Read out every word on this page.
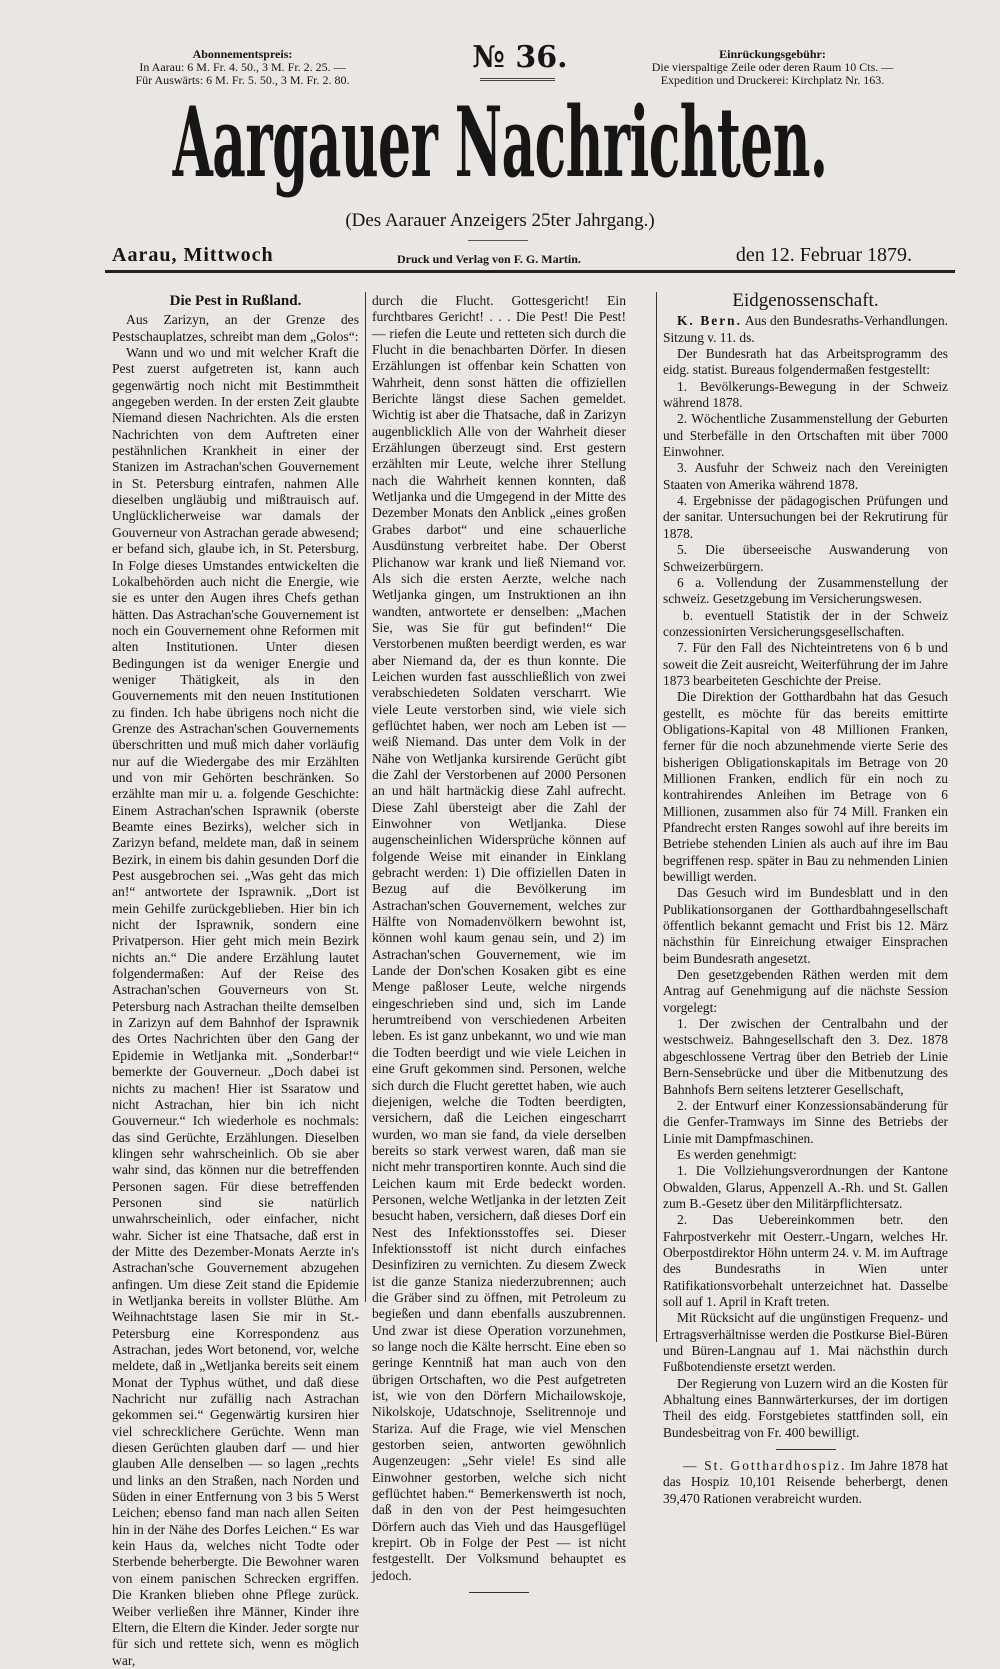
Abonnementspreis:
In Aarau: 6 M. Fr. 4. 50., 3 M. Fr. 2. 25. —
Für Auswärts: 6 M. Fr. 5. 50., 3 M. Fr. 2. 80.
№ 36.	Einrückungsgebühr:
Die vierspaltige Zeile oder deren Raum 10 Cts. —
Expedition und Druckerei: Kirchplatz Nr. 163.
Aargauer Nachrichten.
(Des Aarauer Anzeigers 25ter Jahrgang.)
Aarau, Mittwoch	Druck und Verlag von F. G. Martin.	den 12. Februar 1879.
Die Pest in Rußland.

Aus Zarizyn, an der Grenze des Pestschauplatzes, schreibt man dem „Golos“:

Wann und wo und mit welcher Kraft die Pest zuerst aufgetreten ist, kann auch gegenwärtig noch nicht mit Bestimmtheit angegeben werden. In der ersten Zeit glaubte Niemand diesen Nachrichten. Als die ersten Nachrichten von dem Auftreten einer pestähnlichen Krankheit in einer der Stanizen im Astrachan'schen Gouvernement in St. Petersburg eintrafen, nahmen Alle dieselben ungläubig und mißtrauisch auf. Unglücklicherweise war damals der Gouverneur von Astrachan gerade abwesend; er befand sich, glaube ich, in St. Petersburg. In Folge dieses Umstandes entwickelten die Lokalbehörden auch nicht die Energie, wie sie es unter den Augen ihres Chefs gethan hätten. Das Astrachan'sche Gouvernement ist noch ein Gouvernement ohne Reformen mit alten Institutionen. Unter diesen Bedingungen ist da weniger Energie und weniger Thätigkeit, als in den Gouvernements mit den neuen Institutionen zu finden. Ich habe übrigens noch nicht die Grenze des Astrachan'schen Gouvernements überschritten und muß mich daher vorläufig nur auf die Wiedergabe des mir Erzählten und von mir Gehörten beschränken. So erzählte man mir u. a. folgende Geschichte: Einem Astrachan'schen Isprawnik (oberste Beamte eines Bezirks), welcher sich in Zarizyn befand, meldete man, daß in seinem Bezirk, in einem bis dahin gesunden Dorf die Pest ausgebrochen sei. „Was geht das mich an!“ antwortete der Isprawnik. „Dort ist mein Gehilfe zurückgeblieben. Hier bin ich nicht der Isprawnik, sondern eine Privatperson. Hier geht mich mein Bezirk nichts an.“ Die andere Erzählung lautet folgendermaßen: Auf der Reise des Astrachan'schen Gouverneurs von St. Petersburg nach Astrachan theilte demselben in Zarizyn auf dem Bahnhof der Isprawnik des Ortes Nachrichten über den Gang der Epidemie in Wetljanka mit. „Sonderbar!“ bemerkte der Gouverneur. „Doch dabei ist nichts zu machen! Hier ist Ssaratow und nicht Astrachan, hier bin ich nicht Gouverneur.“ Ich wiederhole es nochmals: das sind Gerüchte, Erzählungen. Dieselben klingen sehr wahrscheinlich. Ob sie aber wahr sind, das können nur die betreffenden Personen sagen. Für diese betreffenden Personen sind sie natürlich unwahrscheinlich, oder einfacher, nicht wahr. Sicher ist eine Thatsache, daß erst in der Mitte des Dezember-Monats Aerzte in's Astrachan'sche Gouvernement abzugehen anfingen. Um diese Zeit stand die Epidemie in Wetljanka bereits in vollster Blüthe. Am Weihnachtstage lasen Sie mir in St.-Petersburg eine Korrespondenz aus Astrachan, jedes Wort betonend, vor, welche meldete, daß in „Wetljanka bereits seit einem Monat der Typhus wüthet, und daß diese Nachricht nur zufällig nach Astrachan gekommen sei.“ Gegenwärtig kursiren hier viel schrecklichere Gerüchte. Wenn man diesen Gerüchten glauben darf — und hier glauben Alle denselben — so lagen „rechts und links an den Straßen, nach Norden und Süden in einer Entfernung von 3 bis 5 Werst Leichen; ebenso fand man nach allen Seiten hin in der Nähe des Dorfes Leichen.“ Es war kein Haus da, welches nicht Todte oder Sterbende beherbergte. Die Bewohner waren von einem panischen Schrecken ergriffen. Die Kranken blieben ohne Pflege zurück. Weiber verließen ihre Männer, Kinder ihre Eltern, die Eltern die Kinder. Jeder sorgte nur für sich und rettete sich, wenn es möglich war,

durch die Flucht. Gottesgericht! Ein furchtbares Gericht! . . . Die Pest! Die Pest! — riefen die Leute und retteten sich durch die Flucht in die benachbarten Dörfer. In diesen Erzählungen ist offenbar kein Schatten von Wahrheit, denn sonst hätten die offiziellen Berichte längst diese Sachen gemeldet. Wichtig ist aber die Thatsache, daß in Zarizyn augenblicklich Alle von der Wahrheit dieser Erzählungen überzeugt sind. Erst gestern erzählten mir Leute, welche ihrer Stellung nach die Wahrheit kennen konnten, daß Wetljanka und die Umgegend in der Mitte des Dezember Monats den Anblick „eines großen Grabes darbot“ und eine schauerliche Ausdünstung verbreitet habe. Der Oberst Plichanow war krank und ließ Niemand vor. Als sich die ersten Aerzte, welche nach Wetljanka gingen, um Instruktionen an ihn wandten, antwortete er denselben: „Machen Sie, was Sie für gut befinden!“ Die Verstorbenen mußten beerdigt werden, es war aber Niemand da, der es thun konnte. Die Leichen wurden fast ausschließlich von zwei verabschiedeten Soldaten verscharrt. Wie viele Leute verstorben sind, wie viele sich geflüchtet haben, wer noch am Leben ist — weiß Niemand. Das unter dem Volk in der Nähe von Wetljanka kursirende Gerücht gibt die Zahl der Verstorbenen auf 2000 Personen an und hält hartnäckig diese Zahl aufrecht. Diese Zahl übersteigt aber die Zahl der Einwohner von Wetljanka. Diese augenscheinlichen Widersprüche können auf folgende Weise mit einander in Einklang gebracht werden: 1) Die offiziellen Daten in Bezug auf die Bevölkerung im Astrachan'schen Gouvernement, welches zur Hälfte von Nomadenvölkern bewohnt ist, können wohl kaum genau sein, und 2) im Astrachan'schen Gouvernement, wie im Lande der Don'schen Kosaken gibt es eine Menge paßloser Leute, welche nirgends eingeschrieben sind und, sich im Lande herumtreibend von verschiedenen Arbeiten leben. Es ist ganz unbekannt, wo und wie man die Todten beerdigt und wie viele Leichen in eine Gruft gekommen sind. Personen, welche sich durch die Flucht gerettet haben, wie auch diejenigen, welche die Todten beerdigten, versichern, daß die Leichen eingescharrt wurden, wo man sie fand, da viele derselben bereits so stark verwest waren, daß man sie nicht mehr transportiren konnte. Auch sind die Leichen kaum mit Erde bedeckt worden. Personen, welche Wetljanka in der letzten Zeit besucht haben, versichern, daß dieses Dorf ein Nest des Infektionsstoffes sei. Dieser Infektionsstoff ist nicht durch einfaches Desinfiziren zu vernichten. Zu diesem Zweck ist die ganze Staniza niederzubrennen; auch die Gräber sind zu öffnen, mit Petroleum zu begießen und dann ebenfalls auszubrennen. Und zwar ist diese Operation vorzunehmen, so lange noch die Kälte herrscht. Eine eben so geringe Kenntniß hat man auch von den übrigen Ortschaften, wo die Pest aufgetreten ist, wie von den Dörfern Michailowskoje, Nikolskoje, Udatschnoje, Sselitrennoje und Stariza. Auf die Frage, wie viel Menschen gestorben seien, antworten gewöhnlich Augenzeugen: „Sehr viele! Es sind alle Einwohner gestorben, welche sich nicht geflüchtet haben.“ Bemerkenswerth ist noch, daß in den von der Pest heimgesuchten Dörfern auch das Vieh und das Hausgeflügel krepirt. Ob in Folge der Pest — ist nicht festgestellt. Der Volksmund behauptet es jedoch.

Eidgenossenschaft.

K. Bern. Aus den Bundesraths-Verhandlungen. Sitzung v. 11. ds.

Der Bundesrath hat das Arbeitsprogramm des eidg. statist. Bureaus folgendermaßen festgestellt:

1. Bevölkerungs-Bewegung in der Schweiz während 1878.

2. Wöchentliche Zusammenstellung der Geburten und Sterbefälle in den Ortschaften mit über 7000 Einwohner.

3. Ausfuhr der Schweiz nach den Vereinigten Staaten von Amerika während 1878.

4. Ergebnisse der pädagogischen Prüfungen und der sanitar. Untersuchungen bei der Rekrutirung für 1878.

5. Die überseeische Auswanderung von Schweizerbürgern.

6 a. Vollendung der Zusammenstellung der schweiz. Gesetzgebung im Versicherungswesen.

b. eventuell Statistik der in der Schweiz conzessionirten Versicherungsgesellschaften.

7. Für den Fall des Nichteintretens von 6 b und soweit die Zeit ausreicht, Weiterführung der im Jahre 1873 bearbeiteten Geschichte der Preise.

Die Direktion der Gotthardbahn hat das Gesuch gestellt, es möchte für das bereits emittirte Obligations-Kapital von 48 Millionen Franken, ferner für die noch abzunehmende vierte Serie des bisherigen Obligationskapitals im Betrage von 20 Millionen Franken, endlich für ein noch zu kontrahirendes Anleihen im Betrage von 6 Millionen, zusammen also für 74 Mill. Franken ein Pfandrecht ersten Ranges sowohl auf ihre bereits im Betriebe stehenden Linien als auch auf ihre im Bau begriffenen resp. später in Bau zu nehmenden Linien bewilligt werden.

Das Gesuch wird im Bundesblatt und in den Publikationsorganen der Gotthardbahngesellschaft öffentlich bekannt gemacht und Frist bis 12. März nächsthin für Einreichung etwaiger Einsprachen beim Bundesrath angesetzt.

Den gesetzgebenden Räthen werden mit dem Antrag auf Genehmigung auf die nächste Session vorgelegt:

1. Der zwischen der Centralbahn und der westschweiz. Bahngesellschaft den 3. Dez. 1878 abgeschlossene Vertrag über den Betrieb der Linie Bern-Sensebrücke und über die Mitbenutzung des Bahnhofs Bern seitens letzterer Gesellschaft,

2. der Entwurf einer Konzessionsabänderung für die Genfer-Tramways im Sinne des Betriebs der Linie mit Dampfmaschinen.

Es werden genehmigt:

1. Die Vollziehungsverordnungen der Kantone Obwalden, Glarus, Appenzell A.-Rh. und St. Gallen zum B.-Gesetz über den Militärpflichtersatz.

2. Das Uebereinkommen betr. den Fahrpostverkehr mit Oesterr.-Ungarn, welches Hr. Oberpostdirektor Höhn unterm 24. v. M. im Auftrage des Bundesraths in Wien unter Ratifikationsvorbehalt unterzeichnet hat. Dasselbe soll auf 1. April in Kraft treten.

Mit Rücksicht auf die ungünstigen Frequenz- und Ertragsverhältnisse werden die Postkurse Biel-Büren und Büren-Langnau auf 1. Mai nächsthin durch Fußbotendienste ersetzt werden.

Der Regierung von Luzern wird an die Kosten für Abhaltung eines Bannwärterkurses, der im dortigen Theil des eidg. Forstgebietes stattfinden soll, ein Bundesbeitrag von Fr. 400 bewilligt.

— St. Gotthardhospiz. Im Jahre 1878 hat das Hospiz 10,101 Reisende beherbergt, denen 39,470 Rationen verabreicht wurden.
